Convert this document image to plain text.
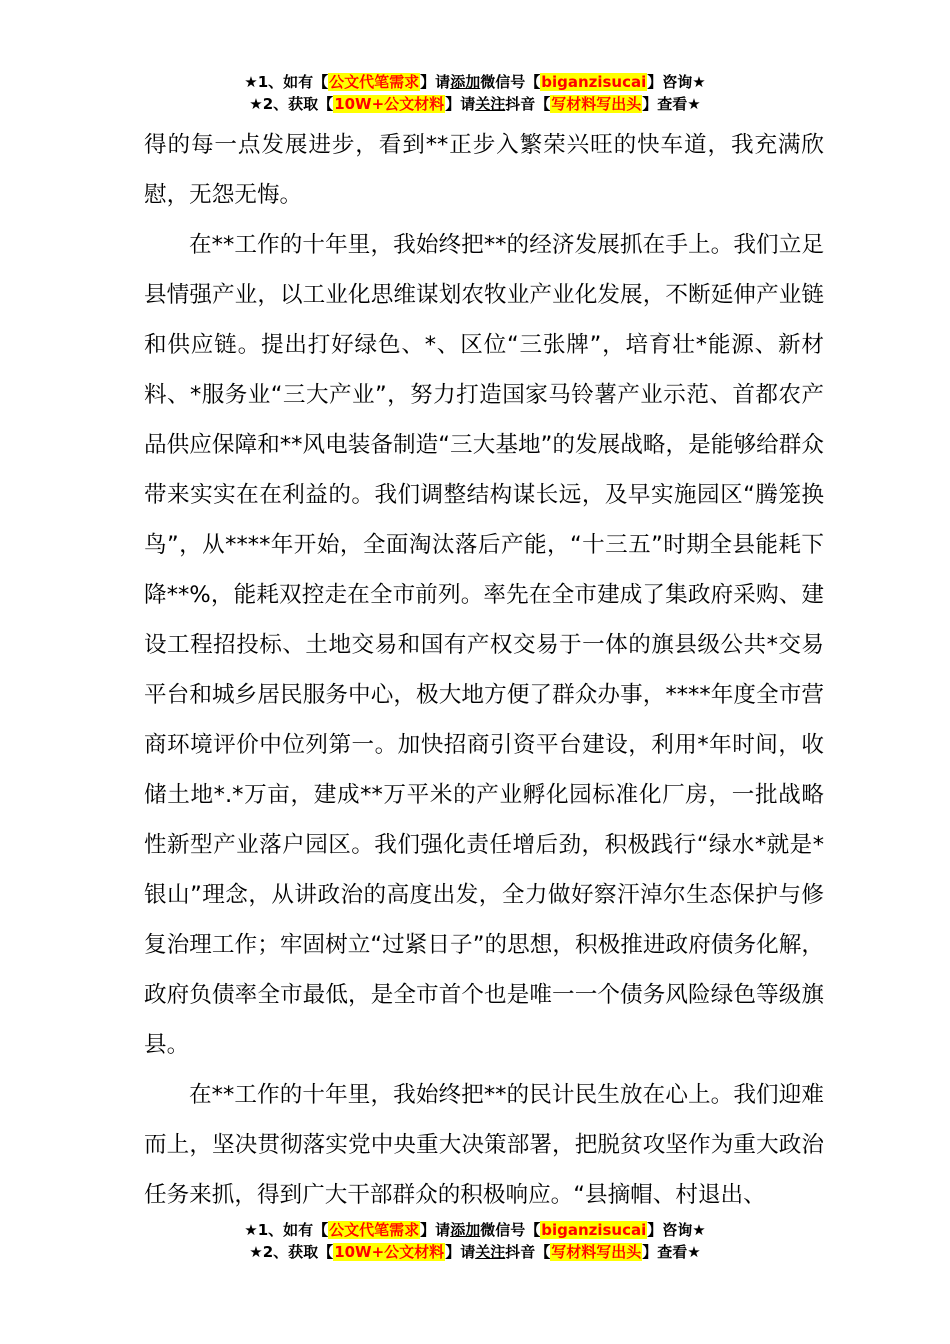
★1、如有【公文代笔需求】请添加微信号【biganzisucai】咨询★
★2、获取【10W+公文材料】请关注抖音【写材料写出头】查看★

得的每一点发展进步，看到**正步入繁荣兴旺的快车道，我充满欣慰，无怨无悔。

在**工作的十年里，我始终把**的经济发展抓在手上。我们立足县情强产业，以工业化思维谋划农牧业产业化发展，不断延伸产业链和供应链。提出打好绿色、*、区位“三张牌”，培育壮*能源、新材料、*服务业“三大产业”，努力打造国家马铃薯产业示范、首都农产品供应保障和**风电装备制造“三大基地”的发展战略，是能够给群众带来实实在在利益的。我们调整结构谋长远，及早实施园区“腾笼换鸟”，从****年开始，全面淘汰落后产能，“十三五”时期全县能耗下降**%，能耗双控走在全市前列。率先在全市建成了集政府采购、建设工程招投标、土地交易和国有产权交易于一体的旗县级公共*交易平台和城乡居民服务中心，极大地方便了群众办事，****年度全市营商环境评价中位列第一。加快招商引资平台建设，利用*年时间，收储土地*.*万亩，建成**万平米的产业孵化园标准化厂房，一批战略性新型产业落户园区。我们强化责任增后劲，积极践行“绿水*就是*银山”理念，从讲政治的高度出发，全力做好察汗淖尔生态保护与修复治理工作；牢固树立“过紧日子”的思想，积极推进政府债务化解，政府负债率全市最低，是全市首个也是唯一一个债务风险绿色等级旗县。

在**工作的十年里，我始终把**的民计民生放在心上。我们迎难而上，坚决贯彻落实党中央重大决策部署，把脱贫攻坚作为重大政治任务来抓，得到广大干部群众的积极响应。“县摘帽、村退出、

★1、如有【公文代笔需求】请添加微信号【biganzisucai】咨询★
★2、获取【10W+公文材料】请关注抖音【写材料写出头】查看★
